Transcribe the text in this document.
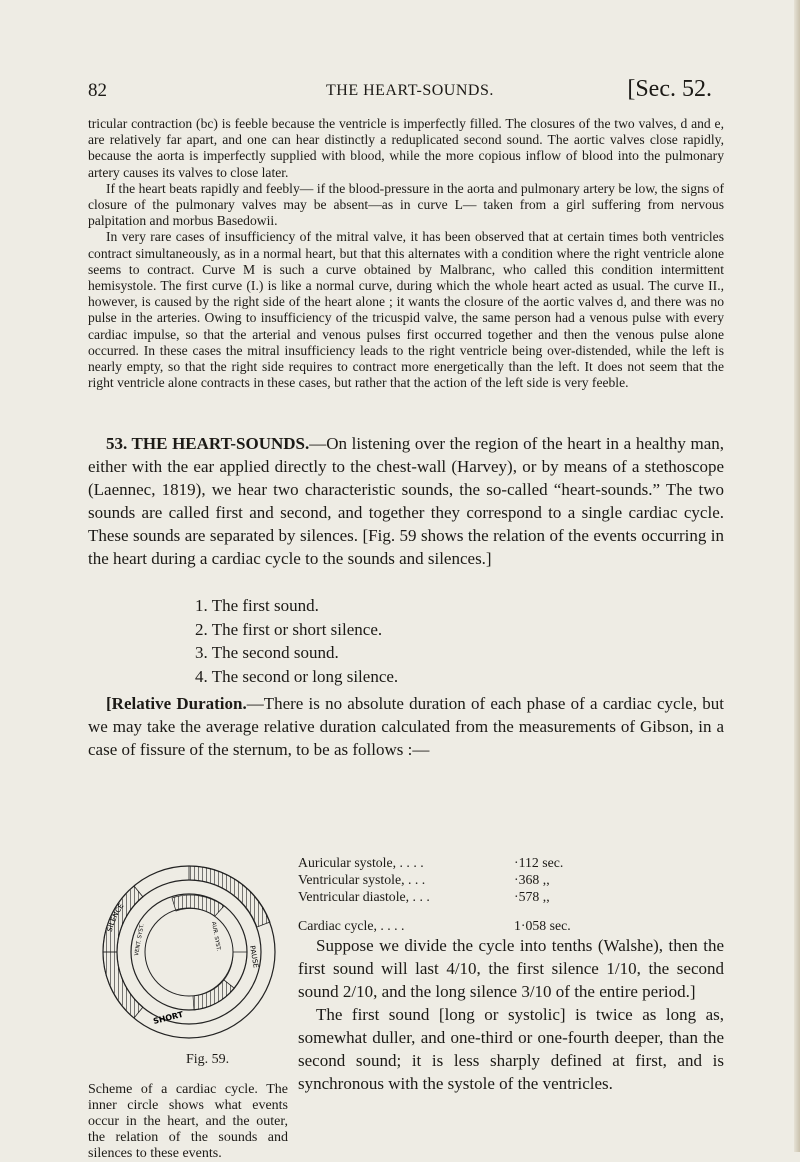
82	THE HEART-SOUNDS.	[Sec. 52.

tricular contraction (bc) is feeble because the ventricle is imperfectly filled. The closures of the two valves, d and e, are relatively far apart, and one can hear distinctly a reduplicated second sound. The aortic valves close rapidly, because the aorta is imperfectly supplied with blood, while the more copious inflow of blood into the pulmonary artery causes its valves to close later.

If the heart beats rapidly and feebly— if the blood-pressure in the aorta and pulmonary artery be low, the signs of closure of the pulmonary valves may be absent—as in curve L— taken from a girl suffering from nervous palpitation and morbus Basedowii.

In very rare cases of insufficiency of the mitral valve, it has been observed that at certain times both ventricles contract simultaneously, as in a normal heart, but that this alternates with a condition where the right ventricle alone seems to contract. Curve M is such a curve obtained by Malbranc, who called this condition intermittent hemisystole. The first curve (I.) is like a normal curve, during which the whole heart acted as usual. The curve II., however, is caused by the right side of the heart alone ; it wants the closure of the aortic valves d, and there was no pulse in the arteries. Owing to insufficiency of the tricuspid valve, the same person had a venous pulse with every cardiac impulse, so that the arterial and venous pulses first occurred together and then the venous pulse alone occurred. In these cases the mitral insufficiency leads to the right ventricle being over-distended, while the left is nearly empty, so that the right side requires to contract more energetically than the left. It does not seem that the right ventricle alone contracts in these cases, but rather that the action of the left side is very feeble.

53. THE HEART-SOUNDS.—On listening over the region of the heart in a healthy man, either with the ear applied directly to the chest-wall (Harvey), or by means of a stethoscope (Laennec, 1819), we hear two characteristic sounds, the so-called “heart-sounds.” The two sounds are called first and second, and together they correspond to a single cardiac cycle. These sounds are separated by silences. [Fig. 59 shows the relation of the events occurring in the heart during a cardiac cycle to the sounds and silences.]

1. The first sound.
2. The first or short silence.
3. The second sound.
4. The second or long silence.

[Relative Duration.—There is no absolute duration of each phase of a cardiac cycle, but we may take the average relative duration calculated from the measurements of Gibson, in a case of fissure of the sternum, to be as follows :—

Auricular systole, . . . .	·112 sec.
Ventricular systole, . . .	·368 ,,
Ventricular diastole, . . .	·578 ,,
Cardiac cycle, . . . .	1·058 sec.
SILENCE
PAUSE
SHORT
VENT. SYST.	AUR. SYST.
Fig. 59.

Suppose we divide the cycle into tenths (Walshe), then the first sound will last 4/10, the first silence 1/10, the second sound 2/10, and the long silence 3/10 of the entire period.]

The first sound [long or systolic] is twice as long as, somewhat duller, and one-third or one-fourth deeper, than the second sound; it is less sharply defined at first, and is synchronous with the systole of the ventricles.

Scheme of a cardiac cycle. The inner circle shows what events occur in the heart, and the outer, the relation of the sounds and silences to these events.
